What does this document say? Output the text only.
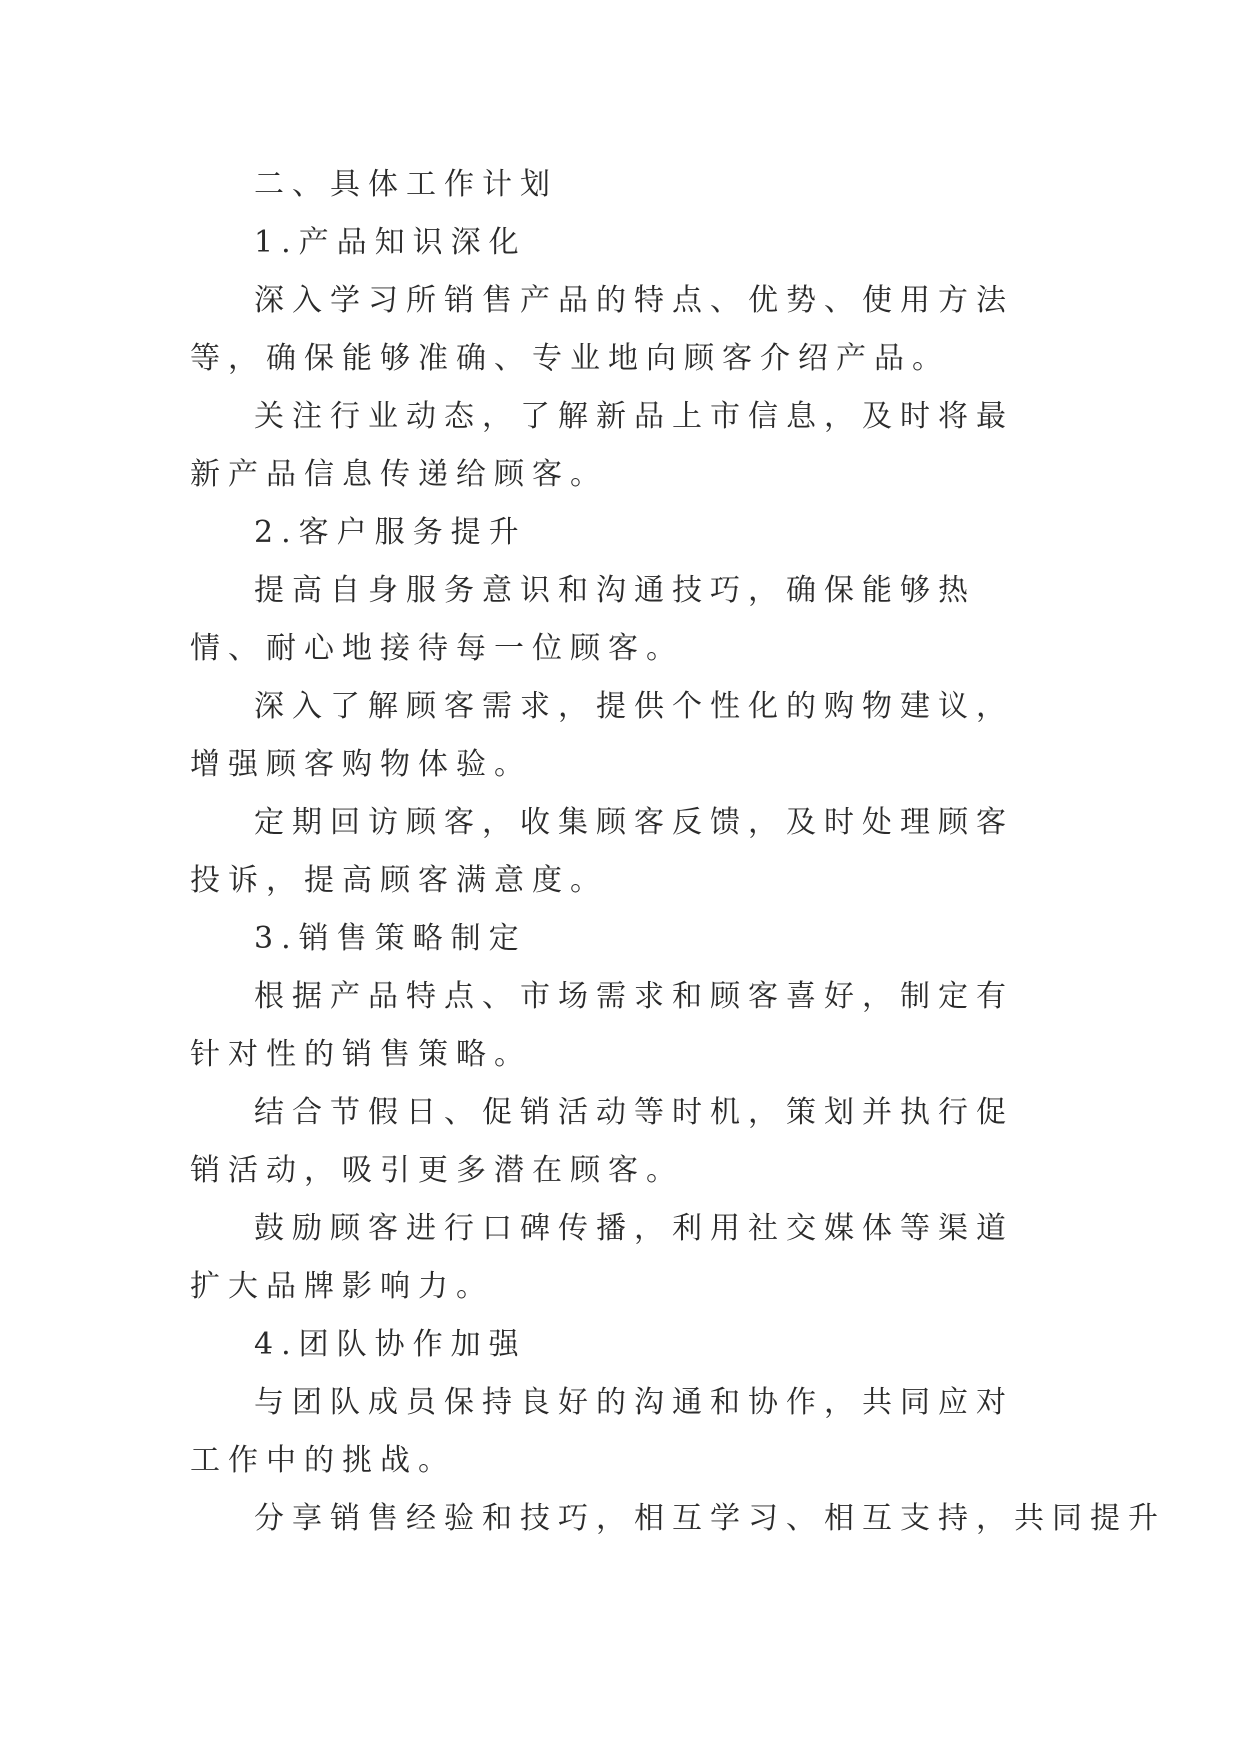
二、具体工作计划

1.产品知识深化

深入学习所销售产品的特点、优势、使用方法等，确保能够准确、专业地向顾客介绍产品。

关注行业动态，了解新品上市信息，及时将最新产品信息传递给顾客。

2.客户服务提升

提高自身服务意识和沟通技巧，确保能够热情、耐心地接待每一位顾客。

深入了解顾客需求，提供个性化的购物建议，增强顾客购物体验。

定期回访顾客，收集顾客反馈，及时处理顾客投诉，提高顾客满意度。

3.销售策略制定

根据产品特点、市场需求和顾客喜好，制定有针对性的销售策略。

结合节假日、促销活动等时机，策划并执行促销活动，吸引更多潜在顾客。

鼓励顾客进行口碑传播，利用社交媒体等渠道扩大品牌影响力。

4.团队协作加强

与团队成员保持良好的沟通和协作，共同应对工作中的挑战。

分享销售经验和技巧，相互学习、相互支持，共同提升
